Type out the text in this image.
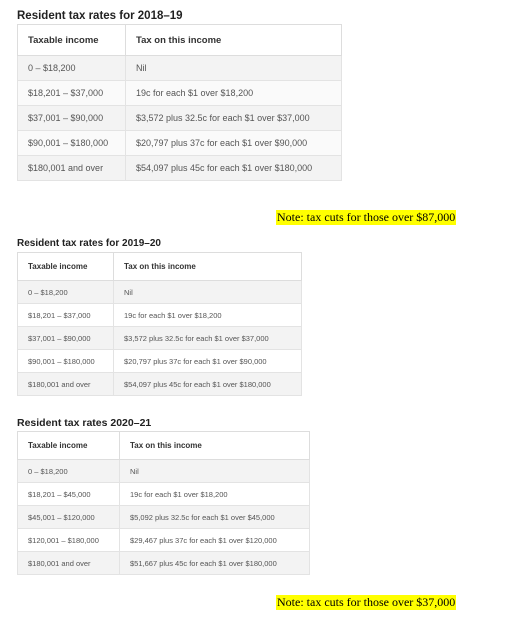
Resident tax rates for 2018–19
Taxable income	Tax on this income
0 – $18,200	Nil
$18,201 – $37,000	19c for each $1 over $18,200
$37,001 – $90,000	$3,572 plus 32.5c for each $1 over $37,000
$90,001 – $180,000	$20,797 plus 37c for each $1 over $90,000
$180,001 and over	$54,097 plus 45c for each $1 over $180,000
Note: tax cuts for those over $87,000
Resident tax rates for 2019–20
Taxable income	Tax on this income
0 – $18,200	Nil
$18,201 – $37,000	19c for each $1 over $18,200
$37,001 – $90,000	$3,572 plus 32.5c for each $1 over $37,000
$90,001 – $180,000	$20,797 plus 37c for each $1 over $90,000
$180,001 and over	$54,097 plus 45c for each $1 over $180,000
Resident tax rates 2020–21
Taxable income	Tax on this income
0 – $18,200	Nil
$18,201 – $45,000	19c for each $1 over $18,200
$45,001 – $120,000	$5,092 plus 32.5c for each $1 over $45,000
$120,001 – $180,000	$29,467 plus 37c for each $1 over $120,000
$180,001 and over	$51,667 plus 45c for each $1 over $180,000
Note: tax cuts for those over $37,000
